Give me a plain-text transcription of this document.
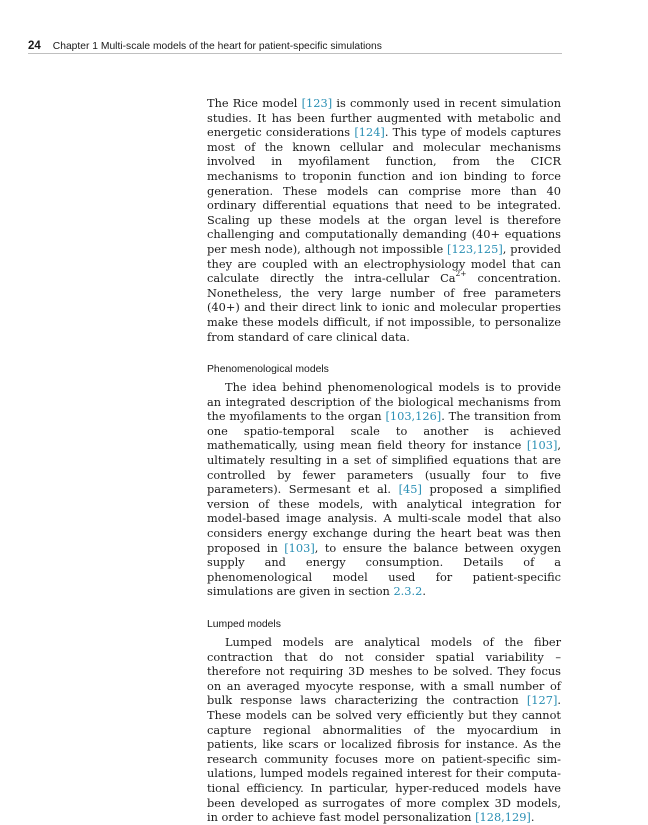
24 Chapter 1 Multi-scale models of the heart for patient-specific simulations

The Rice model [123] is commonly used in recent simulation studies. It has been further augmented with metabolic and energetic considerations [124]. This type of models captures most of the known cellular and molecular mechanisms involved in myofilament function, from the CICR mechanisms to troponin function and ion binding to force generation. These models can comprise more than 40 ordinary differential equations that need to be integrated. Scaling up these models at the organ level is therefore challenging and computationally demanding (40+ equations per mesh node), although not impossible [123,125], provided they are coupled with an electrophysiology model that can calculate directly the intra-cellular $Ca^{2+}$ concentration. Nonetheless, the very large number of free parameters (40+) and their direct link to ionic and molecular properties make these models difficult, if not impossible, to personalize from standard of care clinical data.

Phenomenological models

The idea behind phenomenological models is to provide an integrated description of the biological mechanisms from the myofilaments to the organ [103,126]. The transition from one spatio-temporal scale to another is achieved mathematically, using mean field theory for instance [103], ultimately resulting in a set of simplified equations that are controlled by fewer parameters (usually four to five parameters). Sermesant et al. [45] proposed a simplified version of these models, with analytical integration for model-based image analysis. A multi-scale model that also considers energy exchange during the heart beat was then proposed in [103], to ensure the balance between oxygen supply and energy consumption. Details of a phenomenological model used for patient-specific simulations are given in section 2.3.2.

Lumped models

Lumped models are analytical models of the fiber contraction that do not consider spatial variability – therefore not requiring 3D meshes to be solved. They focus on an averaged myocyte response, with a small number of bulk response laws characterizing the contraction [127]. These models can be solved very efficiently but they cannot capture regional abnormalities of the myocardium in patients, like scars or localized fibrosis for instance. As the research community focuses more on patient-specific simulations, lumped models regained interest for their computational efficiency. In particular, hyper-reduced models have been developed as surrogates of more complex 3D models, in order to achieve fast model personalization [128,129].
